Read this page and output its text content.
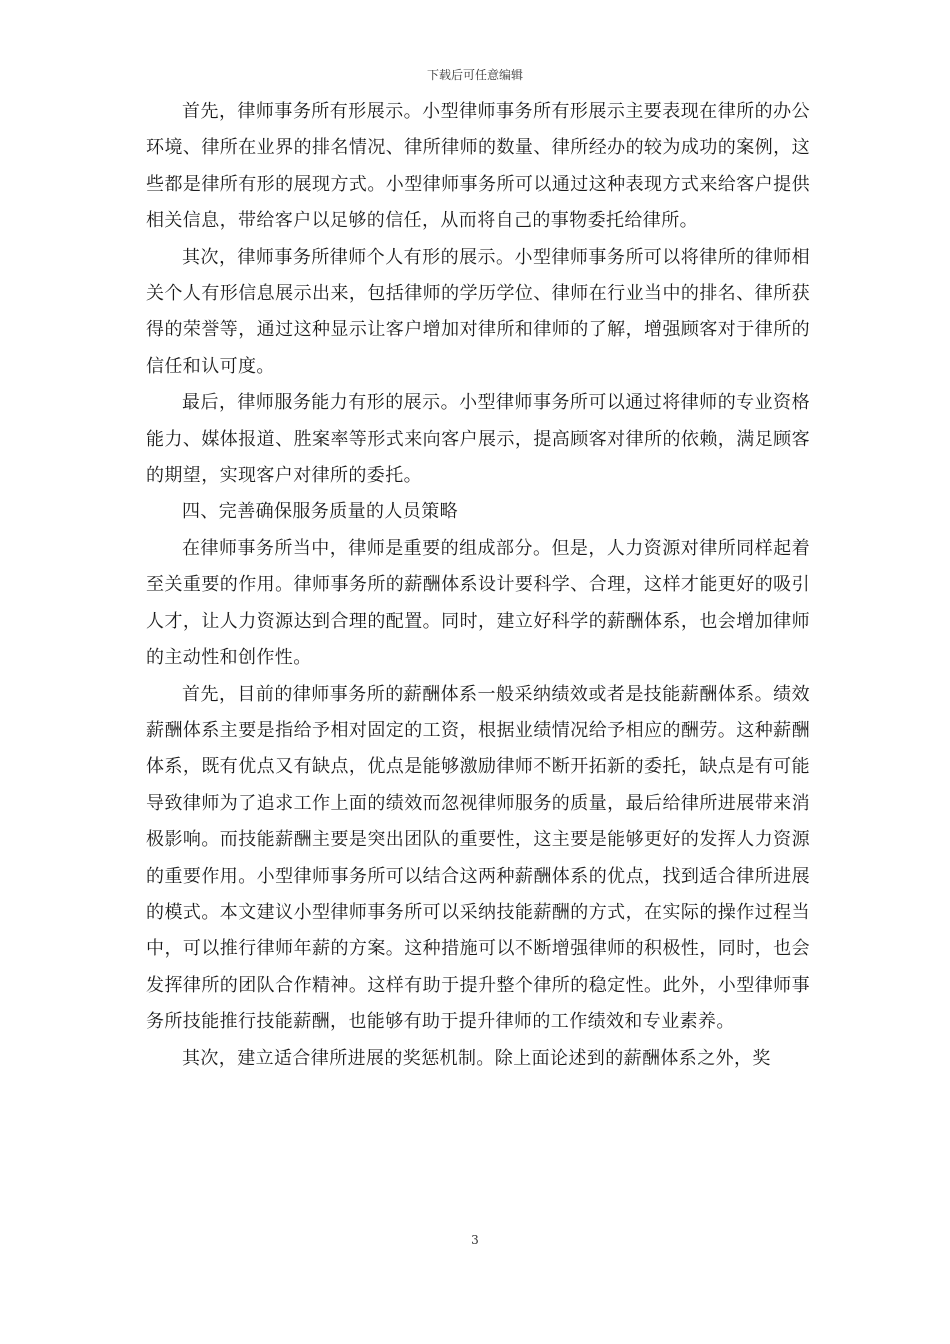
下载后可任意编辑

首先，律师事务所有形展示。小型律师事务所有形展示主要表现在律所的办公环境、律所在业界的排名情况、律所律师的数量、律所经办的较为成功的案例，这些都是律所有形的展现方式。小型律师事务所可以通过这种表现方式来给客户提供相关信息，带给客户以足够的信任，从而将自己的事物委托给律所。

其次，律师事务所律师个人有形的展示。小型律师事务所可以将律所的律师相关个人有形信息展示出来，包括律师的学历学位、律师在行业当中的排名、律所获得的荣誉等，通过这种显示让客户增加对律所和律师的了解，增强顾客对于律所的信任和认可度。

最后，律师服务能力有形的展示。小型律师事务所可以通过将律师的专业资格能力、媒体报道、胜案率等形式来向客户展示，提高顾客对律所的依赖，满足顾客的期望，实现客户对律所的委托。

四、完善确保服务质量的人员策略

在律师事务所当中，律师是重要的组成部分。但是，人力资源对律所同样起着至关重要的作用。律师事务所的薪酬体系设计要科学、合理，这样才能更好的吸引人才，让人力资源达到合理的配置。同时，建立好科学的薪酬体系，也会增加律师的主动性和创作性。

首先，目前的律师事务所的薪酬体系一般采纳绩效或者是技能薪酬体系。绩效薪酬体系主要是指给予相对固定的工资，根据业绩情况给予相应的酬劳。这种薪酬体系，既有优点又有缺点，优点是能够激励律师不断开拓新的委托，缺点是有可能导致律师为了追求工作上面的绩效而忽视律师服务的质量，最后给律所进展带来消极影响。而技能薪酬主要是突出团队的重要性，这主要是能够更好的发挥人力资源的重要作用。小型律师事务所可以结合这两种薪酬体系的优点，找到适合律所进展的模式。本文建议小型律师事务所可以采纳技能薪酬的方式，在实际的操作过程当中，可以推行律师年薪的方案。这种措施可以不断增强律师的积极性，同时，也会发挥律所的团队合作精神。这样有助于提升整个律所的稳定性。此外，小型律师事务所技能推行技能薪酬，也能够有助于提升律师的工作绩效和专业素养。

其次，建立适合律所进展的奖惩机制。除上面论述到的薪酬体系之外，奖

3
